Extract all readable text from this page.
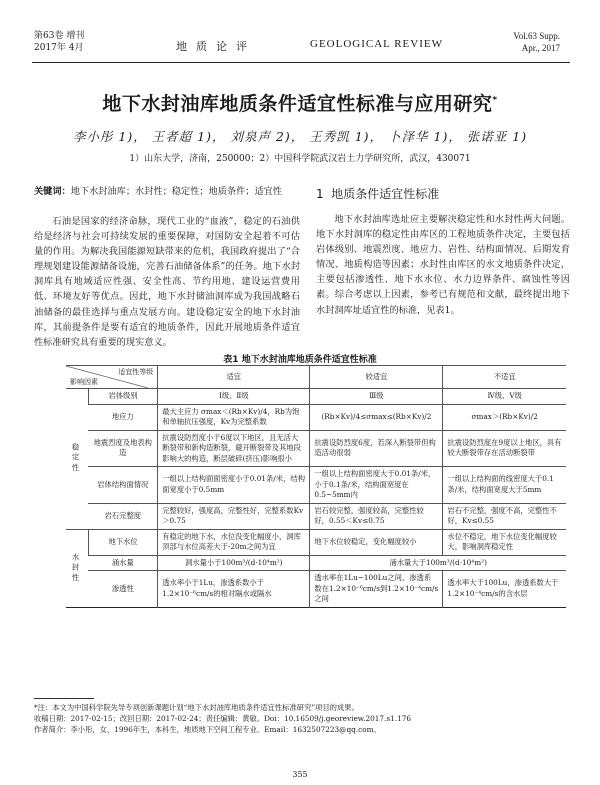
第63卷 增刊
2017年 4月	地质论评	GEOLOGICAL REVIEW
Vol.63 Supp.
Apr., 2017
地下水封油库地质条件适宜性标准与应用研究*
李小彤 1)， 王者超 1)， 刘泉声 2)， 王秀凯 1)， 卜泽华 1)， 张诺亚 1)
1）山东大学，济南，250000；2）中国科学院武汉岩土力学研究所，武汉，430071
关键词：地下水封油库；水封性；稳定性；地质条件；适宜性

石油是国家的经济命脉，现代工业的“血液”，稳定的石油供给是经济与社会可持续发展的重要保障，对国防安全起着不可估量的作用。为解决我国能源短缺带来的危机，我国政府提出了“合理规划建设能源储备设施，完善石油储备体系”的任务。地下水封洞库具有地域适应性强、安全性高、节约用地、建设运营费用低、环境友好等优点。因此，地下水封储油洞库成为我国战略石油储备的最佳选择与重点发展方向。建设稳定安全的地下水封油库，其前提条件是要有适宜的地质条件，因此开展地质条件适宜性标准研究具有重要的现实意义。

1 地质条件适宜性标准

地下水封油库选址应主要解决稳定性和水封性两大问题。地下水封洞库的稳定性由库区的工程地质条件决定，主要包括岩体级别、地震烈度、地应力、岩性、结构面情况、后期发育情况、地质构造等因素；水封性由库区的水文地质条件决定，主要包括渗透性、地下水水位、水力边界条件、腐蚀性等因素。综合考虑以上因素，参考已有规范和文献，最终提出地下水封洞库址适宜性的标准，见表1。

表1 地下水封油库地质条件适宜性标准
适宜性等级
影响因素		适宜	较适宜	不适宜

稳定性	岩体级别	Ⅰ级、Ⅱ级	Ⅲ级	Ⅳ级、Ⅴ级
	地应力	最大主应力 σmax＜(Rb×Kv)/4，Rb为饱和单轴抗压强度，Kv为完整系数	(Rb×Kv)/4≤σmax≤(Rb×Kv)/2	σmax＞(Rb×Kv)/2
	地震烈度及地表构造	抗震设防烈度小于6度以下地区，且无活大断裂带和新构造断裂，避开断裂带及其地段影响大的构造，断层破碎(挤压)影响很小	抗震设防烈度6度，若深入断裂带但构造活动很弱	抗震设防烈度在9度以上地区，具有较大断裂带存在活动断裂带
	岩体结构面情况	一组以上结构面面密度小于0.01条/米，结构面宽度小于0.5mm	一组以上结构面密度大于0.01条/米，小于0.1条/米，结构面宽度在0.5~5mm内	一组以上结构面的线密度大于0.1条/米，结构面宽度大于5mm
	岩石完整度	完整较好，强度高，完整性好，完整系数Kv＞0.75	岩石较完整，强度较高，完整性较好，0.55＜Kv≤0.75	岩石不完整，强度不高，完整性不好，Kv≤0.55

水封性	地下水位	有稳定的地下水，水位没变化幅度小，洞库顶部与水位高差大于-20m之间为宜	地下水位较稳定，变化幅度较小	水位不稳定，地下水位变化幅度较大，影响洞库稳定性
	涌水量	洞水量小于100m³/(d·10⁴m²)	涌水量大于100m³/(d·10⁴m²)	
	渗透性	透水率小于1Lu，渗透系数小于1.2×10⁻⁶cm/s的相对隔水或隔水	透水率在1Lu~100Lu之间，渗透系数在1.2×10⁻⁶cm/s到1.2×10⁻⁴cm/s之间	透水率大于100Lu，渗透系数大于1.2×10⁻⁴cm/s的含水层

*注：本文为中国科学院先导专项创新课题计划“地下水封油库地质条件适宜性标准研究”项目的成果。

收稿日期：2017-02-15；改回日期：2017-02-24；责任编辑：黄敏。Doi：10.16509/j.georeview.2017.s1.176

作者简介：李小彤，女，1996年生，本科生，地质地下空间工程专业。Email：1632507223@qq.com。

355
